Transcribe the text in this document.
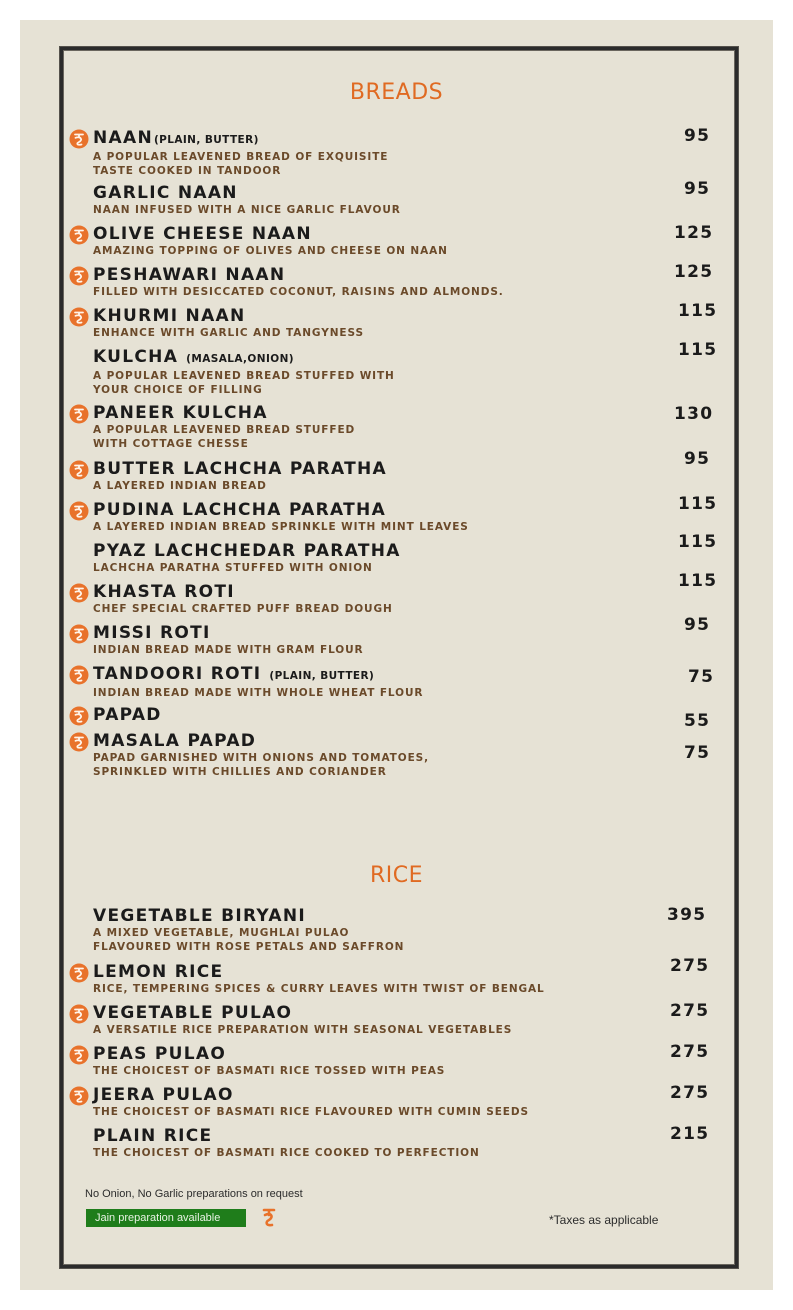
BREADS
NAAN(PLAIN, BUTTER)
A POPULAR LEAVENED BREAD OF EXQUISITE
TASTE COOKED IN TANDOOR
95
GARLIC NAAN
NAAN INFUSED WITH A NICE GARLIC FLAVOUR
95
OLIVE CHEESE NAAN
AMAZING TOPPING OF OLIVES AND CHEESE ON NAAN
125
PESHAWARI NAAN
FILLED WITH DESICCATED COCONUT, RAISINS AND ALMONDS.
125
KHURMI NAAN
ENHANCE WITH GARLIC AND TANGYNESS
115
KULCHA (MASALA,ONION)
A POPULAR LEAVENED BREAD STUFFED WITH
YOUR CHOICE OF FILLING
115
PANEER KULCHA
A POPULAR LEAVENED BREAD STUFFED
WITH COTTAGE CHESSE
130
BUTTER LACHCHA PARATHA
A LAYERED INDIAN BREAD
95
PUDINA LACHCHA PARATHA
A LAYERED INDIAN BREAD SPRINKLE WITH MINT LEAVES
115
PYAZ LACHCHEDAR PARATHA
LACHCHA PARATHA STUFFED WITH ONION
115
KHASTA ROTI
CHEF SPECIAL CRAFTED PUFF BREAD DOUGH
115
MISSI ROTI
INDIAN BREAD MADE WITH GRAM FLOUR
95
TANDOORI ROTI (PLAIN, BUTTER)
INDIAN BREAD MADE WITH WHOLE WHEAT FLOUR
75
PAPAD	55
MASALA PAPAD
PAPAD GARNISHED WITH ONIONS AND TOMATOES,
SPRINKLED WITH CHILLIES AND CORIANDER
75
RICE
VEGETABLE BIRYANI
A MIXED VEGETABLE, MUGHLAI PULAO
FLAVOURED WITH ROSE PETALS AND SAFFRON
395
LEMON RICE
RICE, TEMPERING SPICES & CURRY LEAVES WITH TWIST OF BENGAL
275
VEGETABLE PULAO
A VERSATILE RICE PREPARATION WITH SEASONAL VEGETABLES
275
PEAS PULAO
THE CHOICEST OF BASMATI RICE TOSSED WITH PEAS
275
JEERA PULAO
THE CHOICEST OF BASMATI RICE FLAVOURED WITH CUMIN SEEDS
275
PLAIN RICE
THE CHOICEST OF BASMATI RICE COOKED TO PERFECTION
215
No Onion, No Garlic preparations on request
Jain preparation available	*Taxes as applicable
